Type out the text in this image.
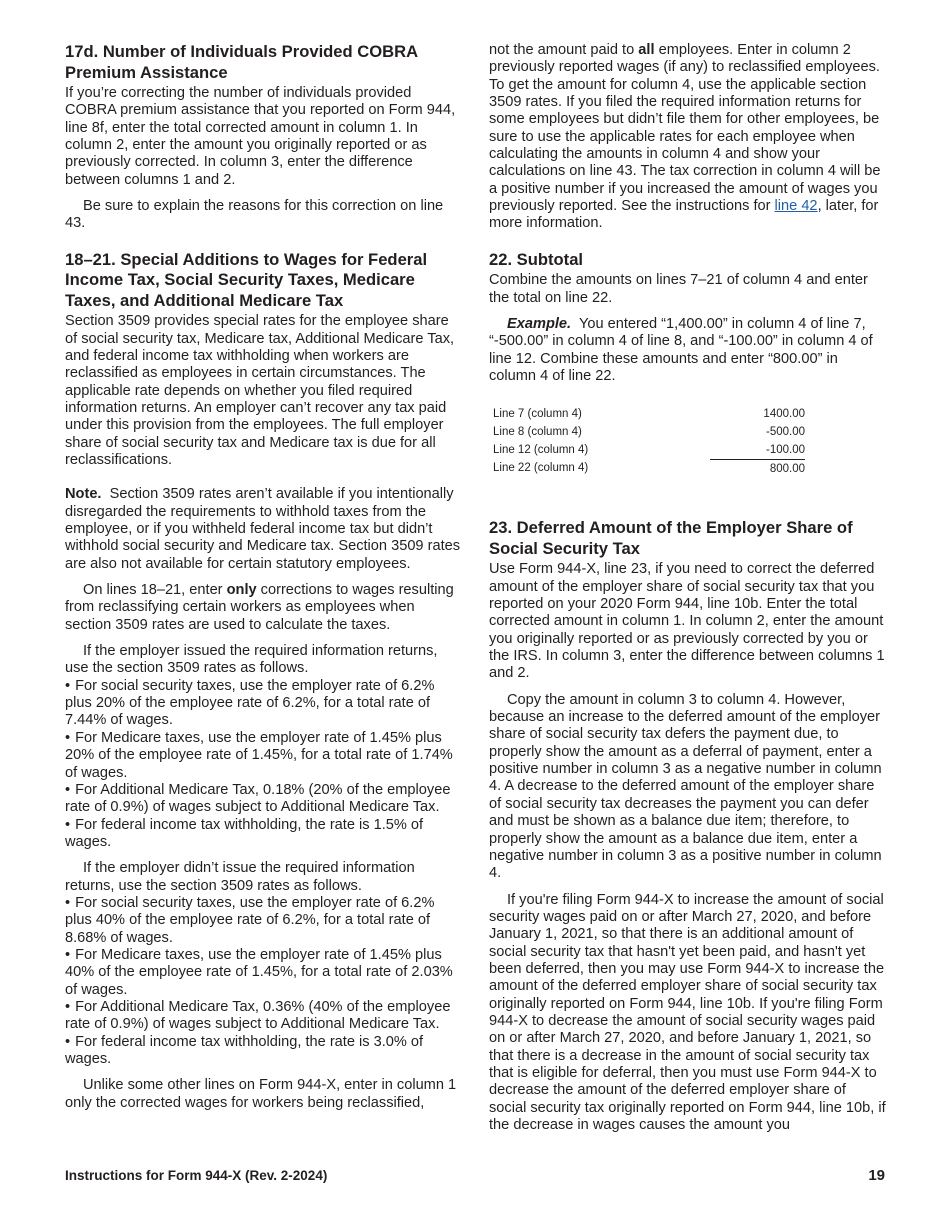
17d. Number of Individuals Provided COBRA Premium Assistance

If you’re correcting the number of individuals provided COBRA premium assistance that you reported on Form 944, line 8f, enter the total corrected amount in column 1. In column 2, enter the amount you originally reported or as previously corrected. In column 3, enter the difference between columns 1 and 2.

Be sure to explain the reasons for this correction on line 43.

18–21. Special Additions to Wages for Federal Income Tax, Social Security Taxes, Medicare Taxes, and Additional Medicare Tax

Section 3509 provides special rates for the employee share of social security tax, Medicare tax, Additional Medicare Tax, and federal income tax withholding when workers are reclassified as employees in certain circumstances. The applicable rate depends on whether you filed required information returns. An employer can’t recover any tax paid under this provision from the employees. The full employer share of social security tax and Medicare tax is due for all reclassifications.

Note. Section 3509 rates aren’t available if you intentionally disregarded the requirements to withhold taxes from the employee, or if you withheld federal income tax but didn’t withhold social security and Medicare tax. Section 3509 rates are also not available for certain statutory employees.

On lines 18–21, enter only corrections to wages resulting from reclassifying certain workers as employees when section 3509 rates are used to calculate the taxes.

If the employer issued the required information returns, use the section 3509 rates as follows.

• For social security taxes, use the employer rate of 6.2% plus 20% of the employee rate of 6.2%, for a total rate of 7.44% of wages.

• For Medicare taxes, use the employer rate of 1.45% plus 20% of the employee rate of 1.45%, for a total rate of 1.74% of wages.

• For Additional Medicare Tax, 0.18% (20% of the employee rate of 0.9%) of wages subject to Additional Medicare Tax.

• For federal income tax withholding, the rate is 1.5% of wages.

If the employer didn’t issue the required information returns, use the section 3509 rates as follows.

• For social security taxes, use the employer rate of 6.2% plus 40% of the employee rate of 6.2%, for a total rate of 8.68% of wages.

• For Medicare taxes, use the employer rate of 1.45% plus 40% of the employee rate of 1.45%, for a total rate of 2.03% of wages.

• For Additional Medicare Tax, 0.36% (40% of the employee rate of 0.9%) of wages subject to Additional Medicare Tax.

• For federal income tax withholding, the rate is 3.0% of wages.

Unlike some other lines on Form 944-X, enter in column 1 only the corrected wages for workers being reclassified,

not the amount paid to all employees. Enter in column 2 previously reported wages (if any) to reclassified employees. To get the amount for column 4, use the applicable section 3509 rates. If you filed the required information returns for some employees but didn’t file them for other employees, be sure to use the applicable rates for each employee when calculating the amounts in column 4 and show your calculations on line 43. The tax correction in column 4 will be a positive number if you increased the amount of wages you previously reported. See the instructions for line 42, later, for more information.

22. Subtotal

Combine the amounts on lines 7–21 of column 4 and enter the total on line 22.

Example. You entered “1,400.00” in column 4 of line 7, “-500.00” in column 4 of line 8, and “-100.00” in column 4 of line 12. Combine these amounts and enter “800.00” in column 4 of line 22.

Line 7 (column 4)	1400.00
Line 8 (column 4)	-500.00
Line 12 (column 4)	-100.00
Line 22 (column 4)	800.00
23. Deferred Amount of the Employer Share of Social Security Tax

Use Form 944-X, line 23, if you need to correct the deferred amount of the employer share of social security tax that you reported on your 2020 Form 944, line 10b. Enter the total corrected amount in column 1. In column 2, enter the amount you originally reported or as previously corrected by you or the IRS. In column 3, enter the difference between columns 1 and 2.

Copy the amount in column 3 to column 4. However, because an increase to the deferred amount of the employer share of social security tax defers the payment due, to properly show the amount as a deferral of payment, enter a positive number in column 3 as a negative number in column 4. A decrease to the deferred amount of the employer share of social security tax decreases the payment you can defer and must be shown as a balance due item; therefore, to properly show the amount as a balance due item, enter a negative number in column 3 as a positive number in column 4.

If you're filing Form 944-X to increase the amount of social security wages paid on or after March 27, 2020, and before January 1, 2021, so that there is an additional amount of social security tax that hasn't yet been paid, and hasn't yet been deferred, then you may use Form 944-X to increase the amount of the deferred employer share of social security tax originally reported on Form 944, line 10b. If you're filing Form 944-X to decrease the amount of social security wages paid on or after March 27, 2020, and before January 1, 2021, so that there is a decrease in the amount of social security tax that is eligible for deferral, then you must use Form 944-X to decrease the amount of the deferred employer share of social security tax originally reported on Form 944, line 10b, if the decrease in wages causes the amount you

Instructions for Form 944-X (Rev. 2-2024)	19
